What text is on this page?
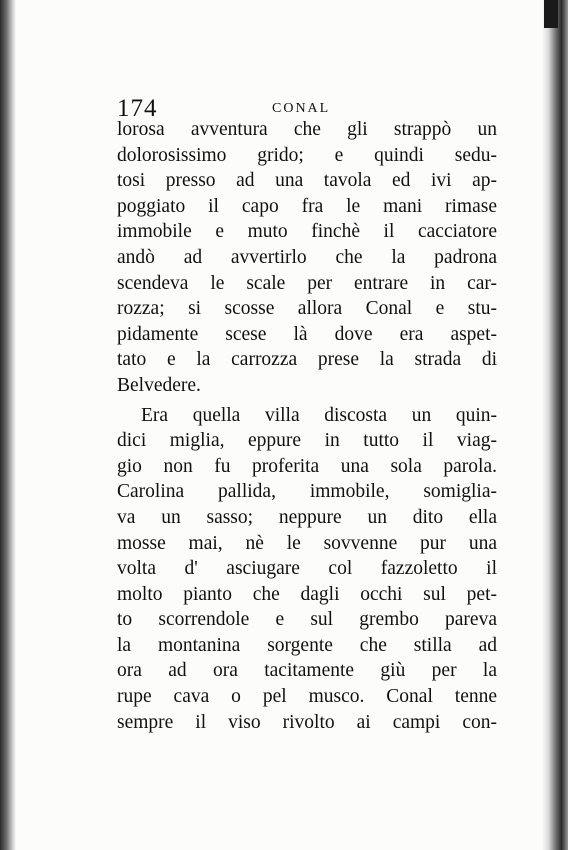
174	CONAL
lorosa avventura che gli strappò un
dolorosissimo grido; e quindi sedu-
tosi presso ad una tavola ed ivi ap-
poggiato il capo fra le mani rimase
immobile e muto finchè il cacciatore
andò ad avvertirlo che la padrona
scendeva le scale per entrare in car-
rozza; si scosse allora Conal e stu-
pidamente scese là dove era aspet-
tato e la carrozza prese la strada di
Belvedere.
Era quella villa discosta un quin-
dici miglia, eppure in tutto il viag-
gio non fu proferita una sola parola.
Carolina pallida, immobile, somiglia-
va un sasso; neppure un dito ella
mosse mai, nè le sovvenne pur una
volta d' asciugare col fazzoletto il
molto pianto che dagli occhi sul pet-
to scorrendole e sul grembo pareva
la montanina sorgente che stilla ad
ora ad ora tacitamente giù per la
rupe cava o pel musco. Conal tenne
sempre il viso rivolto ai campi con-
